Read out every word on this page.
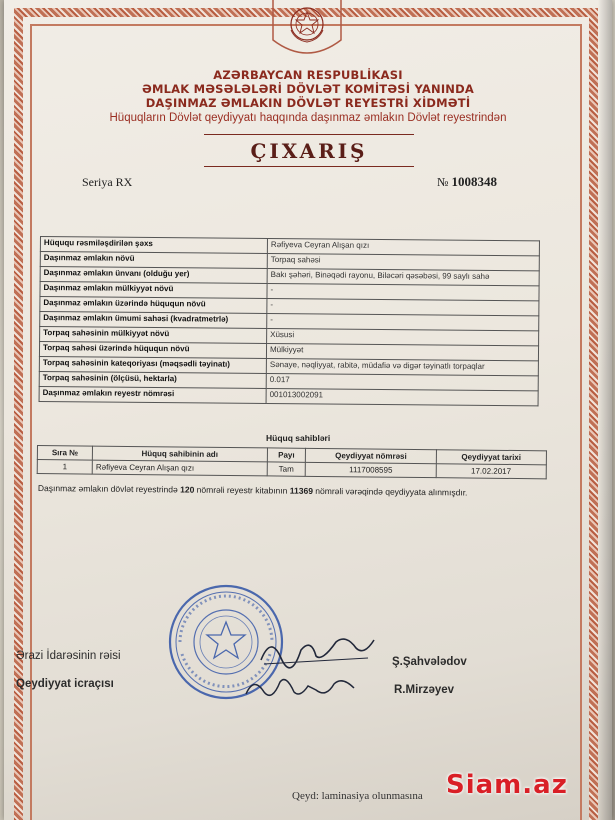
AZƏRBAYCAN RESPUBLİKASI
ƏMLAK MƏSƏLƏLƏRİ DÖVLƏT KOMİTƏSİ YANINDA
DAŞINMAZ ƏMLAKIN DÖVLƏT REYESTRİ XİDMƏTİ
Hüquqların Dövlət qeydiyyatı haqqında daşınmaz əmlakın Dövlət reyestrindən
ÇIXARIŞ
Seriya RX	№ 1008348
Hüququ rəsmiləşdirilən şəxs	Rəfiyeva Ceyran Alışan qızı
Daşınmaz əmlakın növü	Torpaq sahəsi
Daşınmaz əmlakın ünvanı (olduğu yer)	Bakı şəhəri, Binəqədi rayonu, Biləcəri qəsəbəsi, 99 saylı sahə
Daşınmaz əmlakın mülkiyyət növü	-
Daşınmaz əmlakın üzərində hüququn növü	-
Daşınmaz əmlakın ümumi sahəsi (kvadratmetrlə)	-
Torpaq sahəsinin mülkiyyət növü	Xüsusi
Torpaq sahəsi üzərində hüququn növü	Mülkiyyət
Torpaq sahəsinin kateqoriyası (məqsədli təyinatı)	Sənaye, nəqliyyat, rabitə, müdafiə və digər təyinatlı torpaqlar
Torpaq sahəsinin (ölçüsü, hektarla)	0.017
Daşınmaz əmlakın reyestr nömrəsi	001013002091
Hüquq sahibləri
Sıra №	Hüquq sahibinin adı	Payı	Qeydiyyat nömrəsi	Qeydiyyat tarixi
1	Rəfiyeva Ceyran Alışan qızı	Tam	1117008595	17.02.2017
Daşınmaz əmlakın dövlət reyestrində 120 nömrəli reyestr kitabının 11369 nömrəli vərəqində qeydiyyata alınmışdır.
Ərazi İdarəsinin rəisi	Ş.Şahvələdov
Qeydiyyat icraçısı	R.Mirzəyev
Qeyd: laminasiya olunmasına Siam.az
